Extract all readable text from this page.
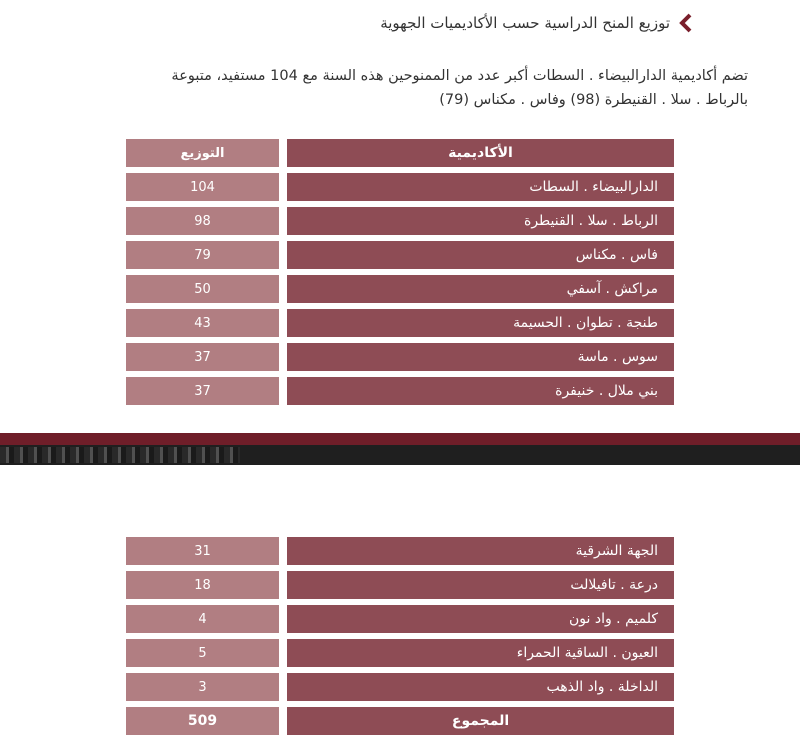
توزيع المنح الدراسية حسب الأكاديميات الجهوية
تضم أكاديمية الدارالبيضاء . السطات أكبر عدد من الممنوحين هذه السنة مع 104 مستفيد، متبوعة
بالرباط . سلا . القنيطرة (98) وفاس . مكناس (79)
التوزيع	الأكاديمية
104	الدارالبيضاء . السطات
98	الرباط . سلا . القنيطرة
79	فاس . مكناس
50	مراكش . آسفي
43	طنجة . تطوان . الحسيمة
37	سوس . ماسة
37	بني ملال . خنيفرة
31	الجهة الشرقية
18	درعة . تافيلالت
4	كلميم . واد نون
5	العيون . الساقية الحمراء
3	الداخلة . واد الذهب
509	المجموع
